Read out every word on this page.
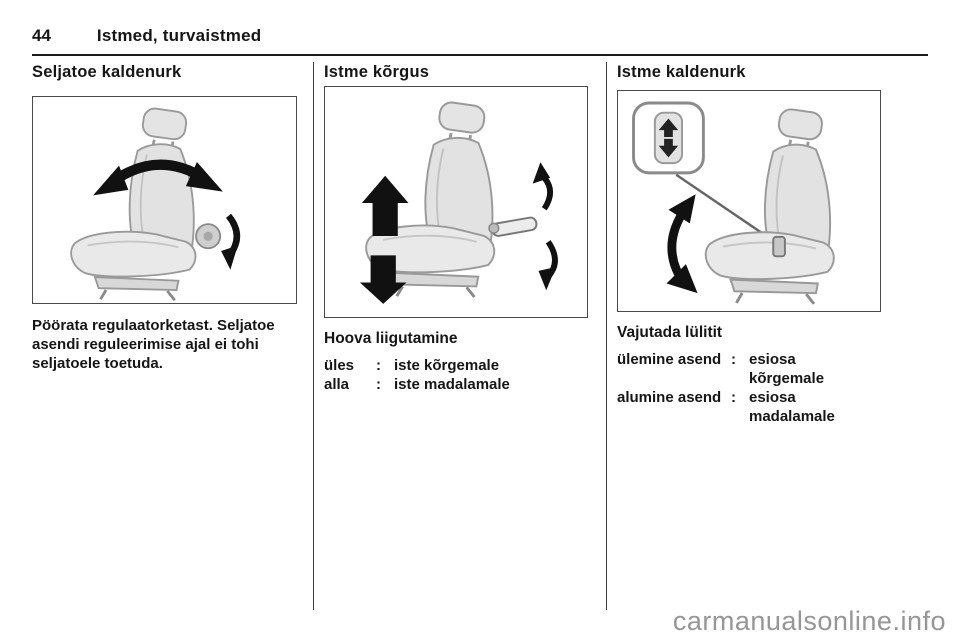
44	Istmed, turvaistmed
Seljatoe kaldenurk

Pöörata regulaatorketast. Seljatoe asendi reguleerimise ajal ei tohi seljatoele toetuda.

Istme kõrgus
Hoova liigutamine
üles	: iste kõrgemale
alla	: iste madalamale
Istme kaldenurk
Vajutada lülitit
ülemine asend : esiosa kõrgemale
alumine asend : esiosa madalamale
carmanualsonline.info
